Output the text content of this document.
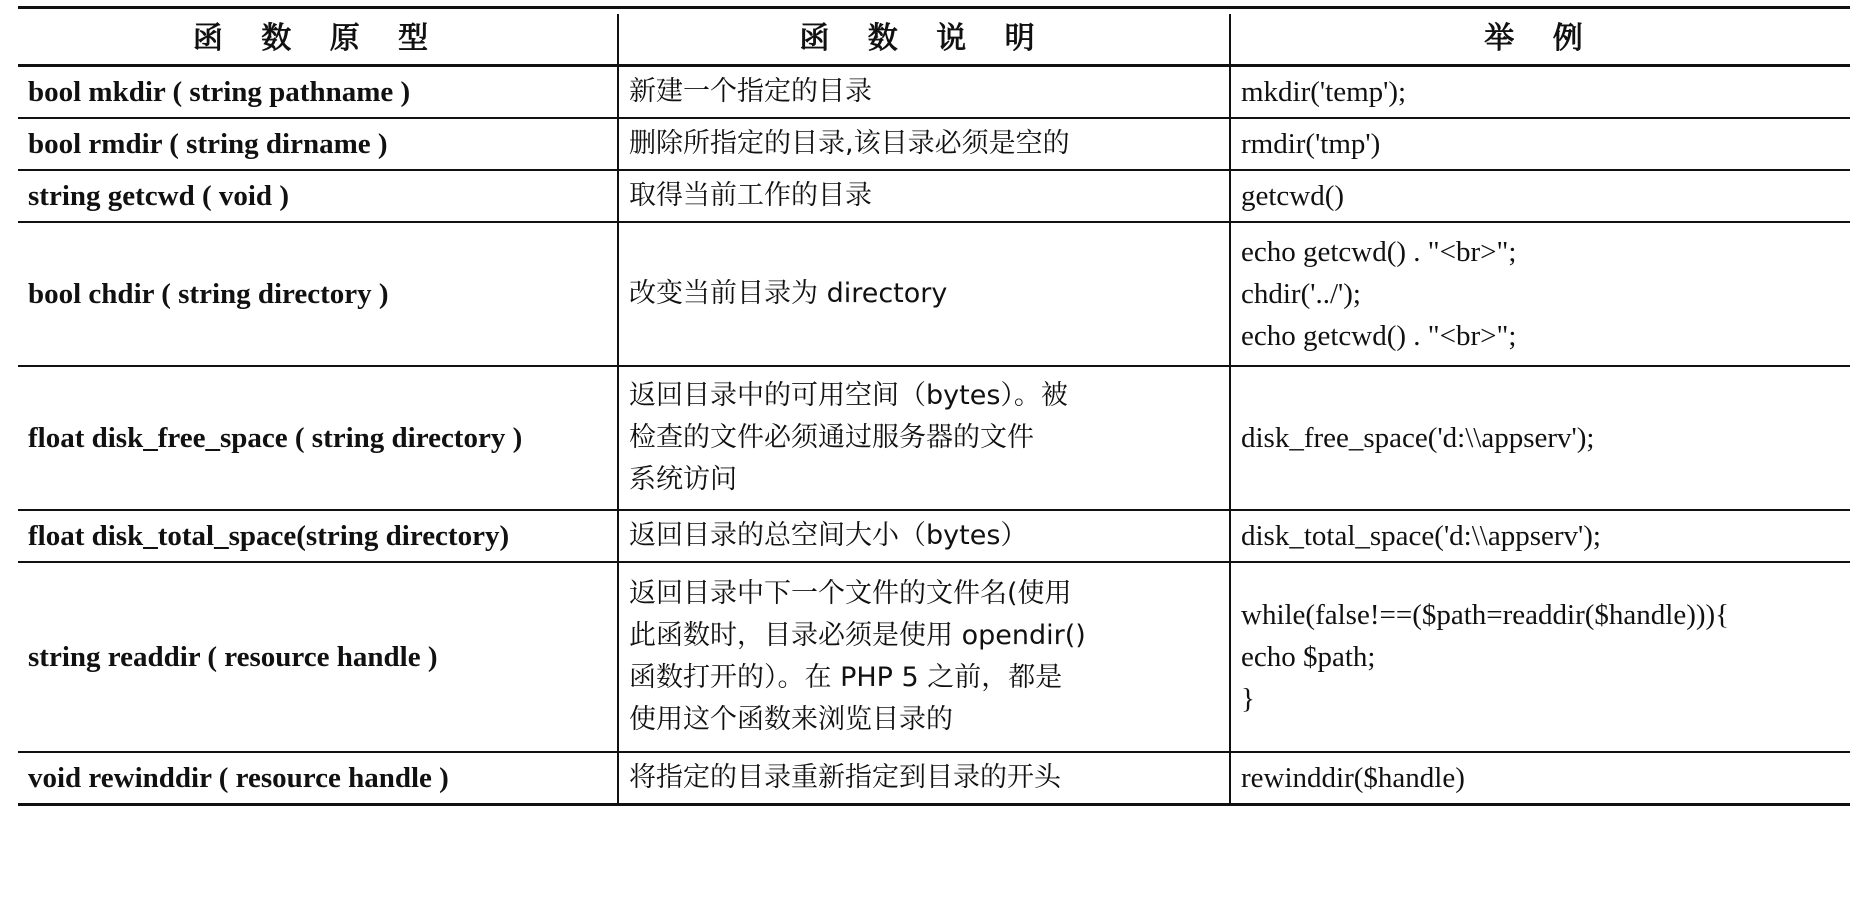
函 数 原 型	函 数 说 明	举 例
bool mkdir ( string pathname )	新建一个指定的目录	mkdir('temp');

bool rmdir ( string dirname )	删除所指定的目录,该目录必须是空的	rmdir('tmp')

string getcwd ( void )	取得当前工作的目录	getcwd()

bool chdir ( string directory )	改变当前目录为 directory	echo getcwd() . "<br>";
chdir('../');
echo getcwd() . "<br>";

float disk_free_space ( string directory )	返回目录中的可用空间（bytes）。被
检查的文件必须通过服务器的文件
系统访问	disk_free_space('d:\\appserv');

float disk_total_space(string directory)	返回目录的总空间大小（bytes）	disk_total_space('d:\\appserv');

string readdir ( resource handle )	返回目录中下一个文件的文件名(使用
此函数时，目录必须是使用 opendir()
函数打开的）。在 PHP 5 之前，都是
使用这个函数来浏览目录的	while(false!==($path=readdir($handle))){
echo $path;
}

void rewinddir ( resource handle )	将指定的目录重新指定到目录的开头	rewinddir($handle)
